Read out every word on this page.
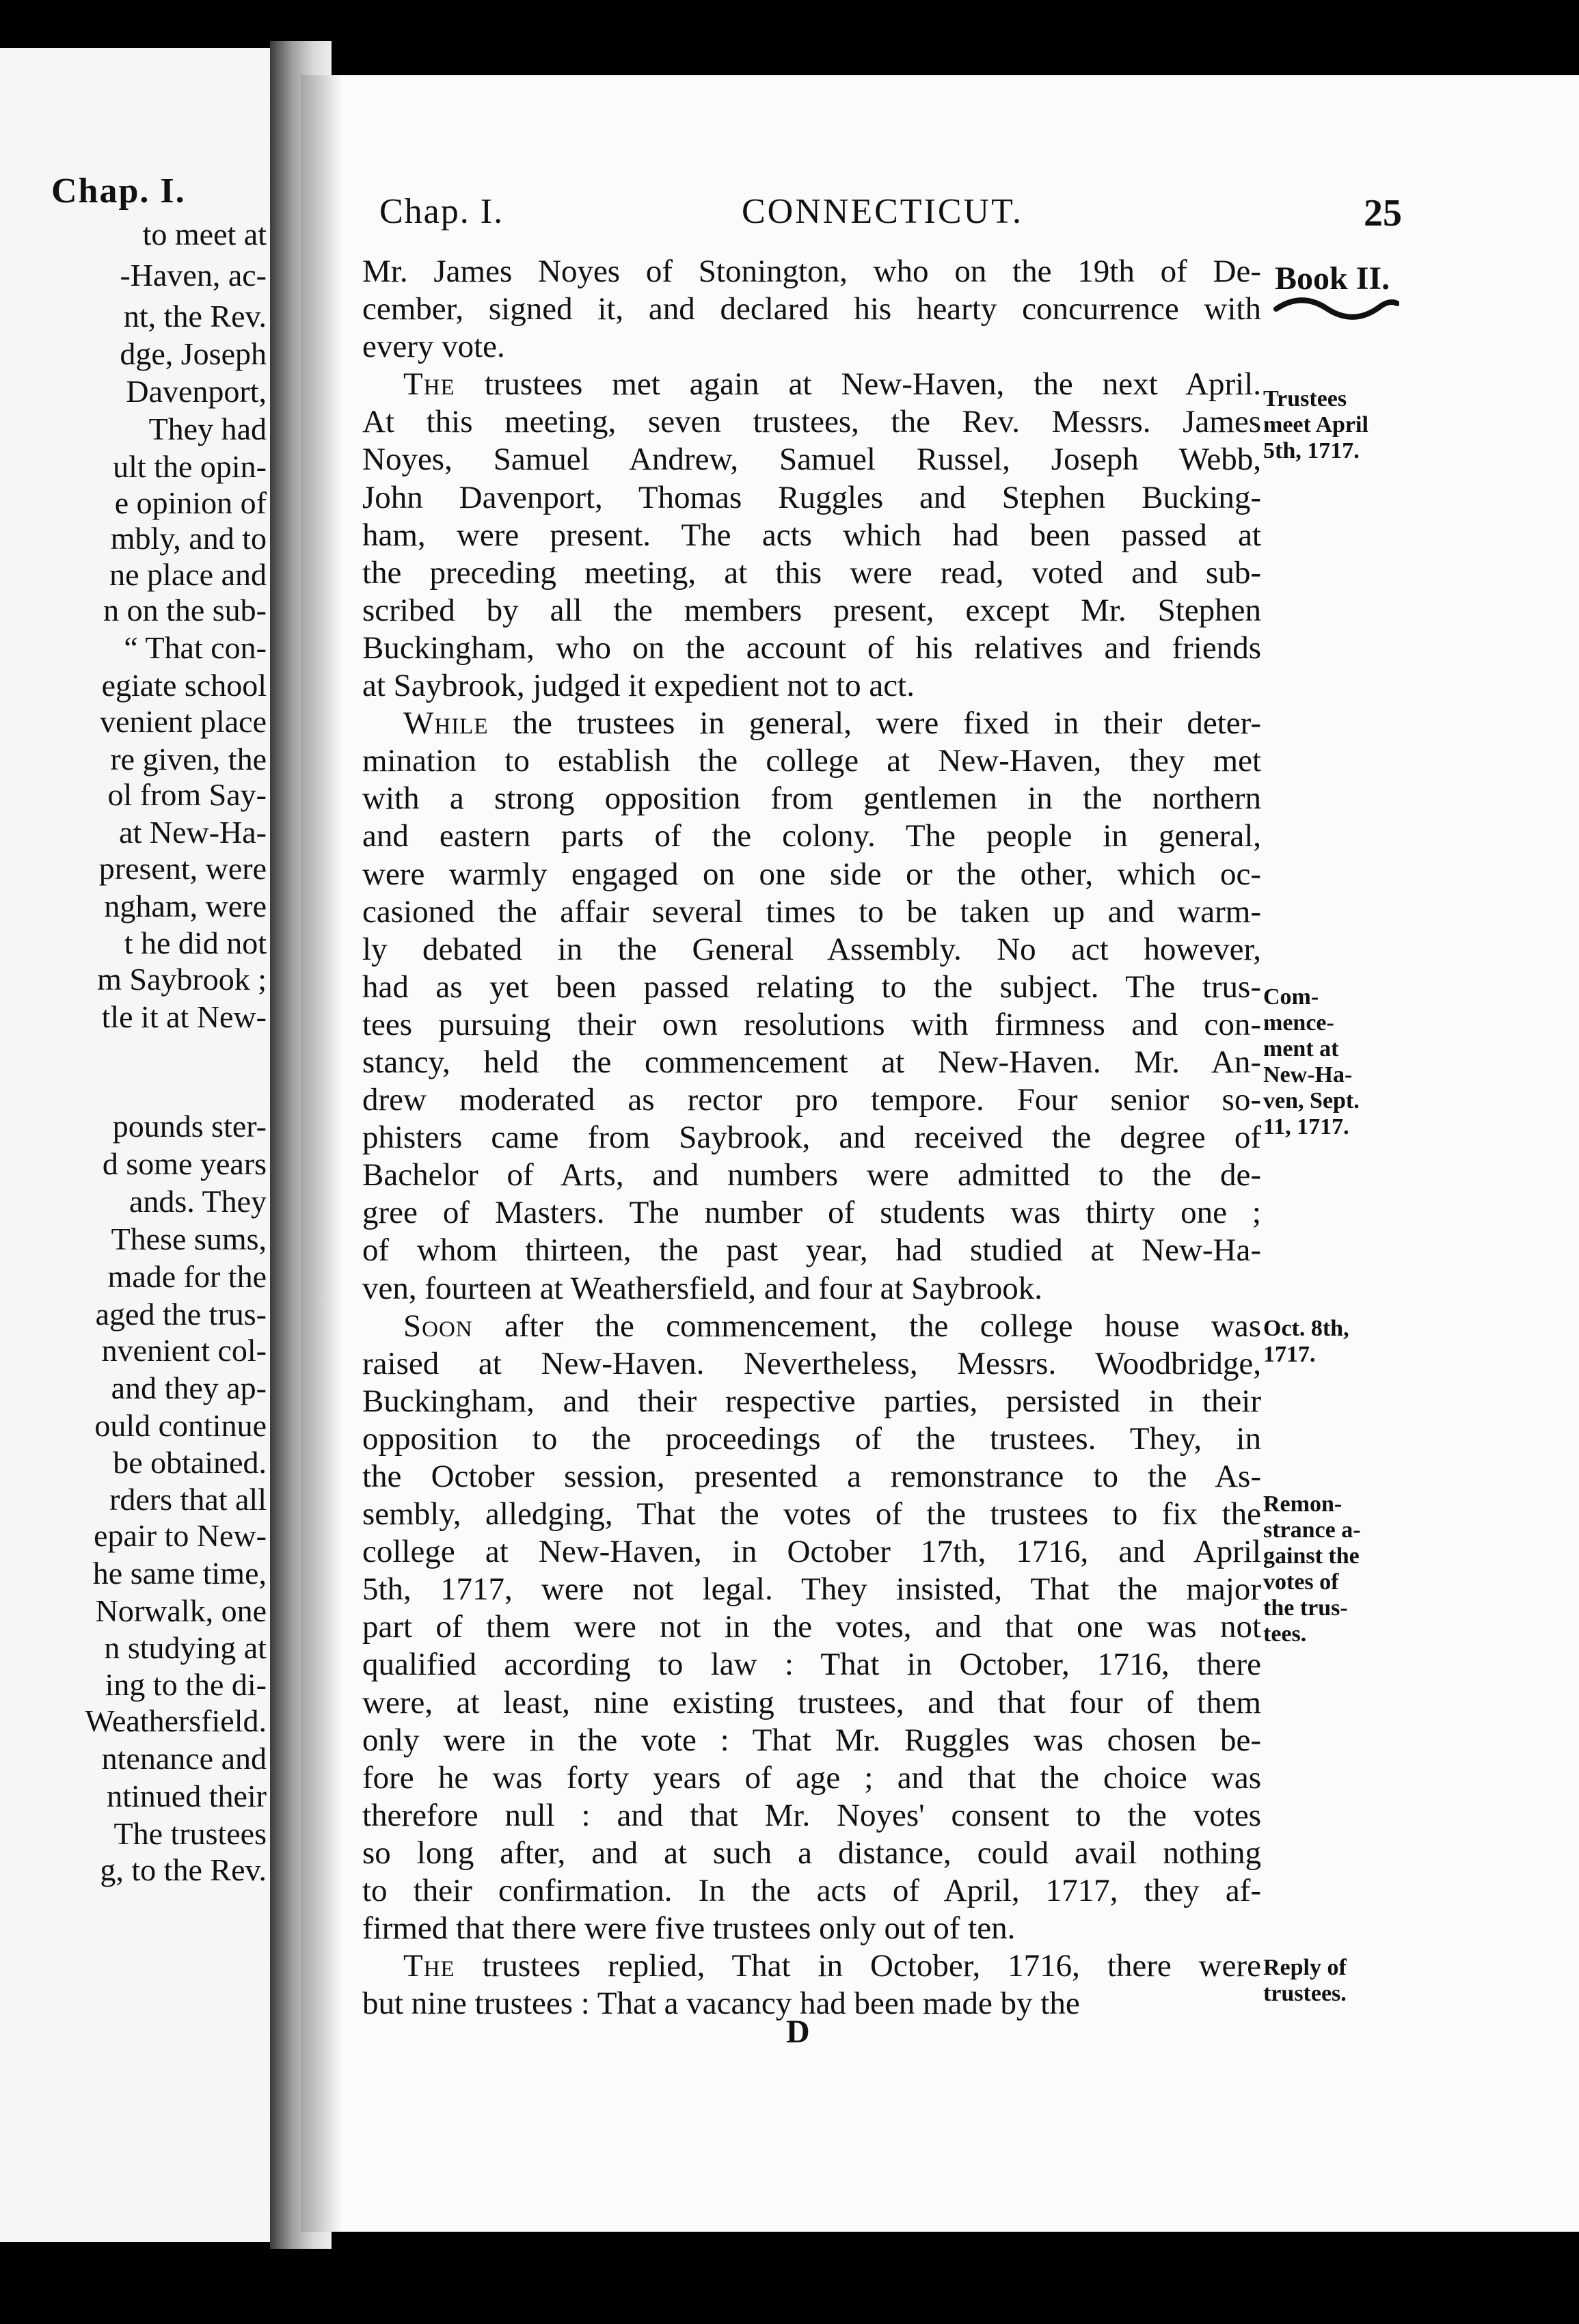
Chap. I.
to meet at
-Haven, ac-
nt, the Rev.
dge, Joseph
Davenport,
They had
ult the opin-
e opinion of
mbly, and to
ne place and
n on the sub-
“ That con-
egiate school
venient place
re given, the
ol from Say-
at New-Ha-
present, were
ngham, were
t he did not
m Saybrook ;
tle it at New-
pounds ster-
d some years
ands. They
These sums,
made for the
aged the trus-
nvenient col-
and they ap-
ould continue
be obtained.
rders that all
epair to New-
he same time,
Norwalk, one
n studying at
ing to the di-
Weathersfield.
ntenance and
ntinued their
The trustees
g, to the Rev.
Chap. I.	CONNECTICUT.	25
Book II.
Mr. James Noyes of Stonington, who on the 19th of De-
cember, signed it, and declared his hearty concurrence with
every vote.
The trustees met again at New-Haven, the next April.
At this meeting, seven trustees, the Rev. Messrs. James
Noyes, Samuel Andrew, Samuel Russel, Joseph Webb,
John Davenport, Thomas Ruggles and Stephen Bucking-
ham, were present. The acts which had been passed at
the preceding meeting, at this were read, voted and sub-
scribed by all the members present, except Mr. Stephen
Buckingham, who on the account of his relatives and friends
at Saybrook, judged it expedient not to act.
While the trustees in general, were fixed in their deter-
mination to establish the college at New-Haven, they met
with a strong opposition from gentlemen in the northern
and eastern parts of the colony. The people in general,
were warmly engaged on one side or the other, which oc-
casioned the affair several times to be taken up and warm-
ly debated in the General Assembly. No act however,
had as yet been passed relating to the subject. The trus-
tees pursuing their own resolutions with firmness and con-
stancy, held the commencement at New-Haven. Mr. An-
drew moderated as rector pro tempore. Four senior so-
phisters came from Saybrook, and received the degree of
Bachelor of Arts, and numbers were admitted to the de-
gree of Masters. The number of students was thirty one ;
of whom thirteen, the past year, had studied at New-Ha-
ven, fourteen at Weathersfield, and four at Saybrook.
Soon after the commencement, the college house was
raised at New-Haven. Nevertheless, Messrs. Woodbridge,
Buckingham, and their respective parties, persisted in their
opposition to the proceedings of the trustees. They, in
the October session, presented a remonstrance to the As-
sembly, alledging, That the votes of the trustees to fix the
college at New-Haven, in October 17th, 1716, and April
5th, 1717, were not legal. They insisted, That the major
part of them were not in the votes, and that one was not
qualified according to law : That in October, 1716, there
were, at least, nine existing trustees, and that four of them
only were in the vote : That Mr. Ruggles was chosen be-
fore he was forty years of age ; and that the choice was
therefore null : and that Mr. Noyes' consent to the votes
so long after, and at such a distance, could avail nothing
to their confirmation. In the acts of April, 1717, they af-
firmed that there were five trustees only out of ten.
The trustees replied, That in October, 1716, there were
but nine trustees : That a vacancy had been made by the
Trustees
meet April
5th, 1717.
Com-
mence-
ment at
New-Ha-
ven, Sept.
11, 1717.
Oct. 8th,
1717.
Remon-
strance a-
gainst the
votes of
the trus-
tees.
Reply of
trustees.
D
